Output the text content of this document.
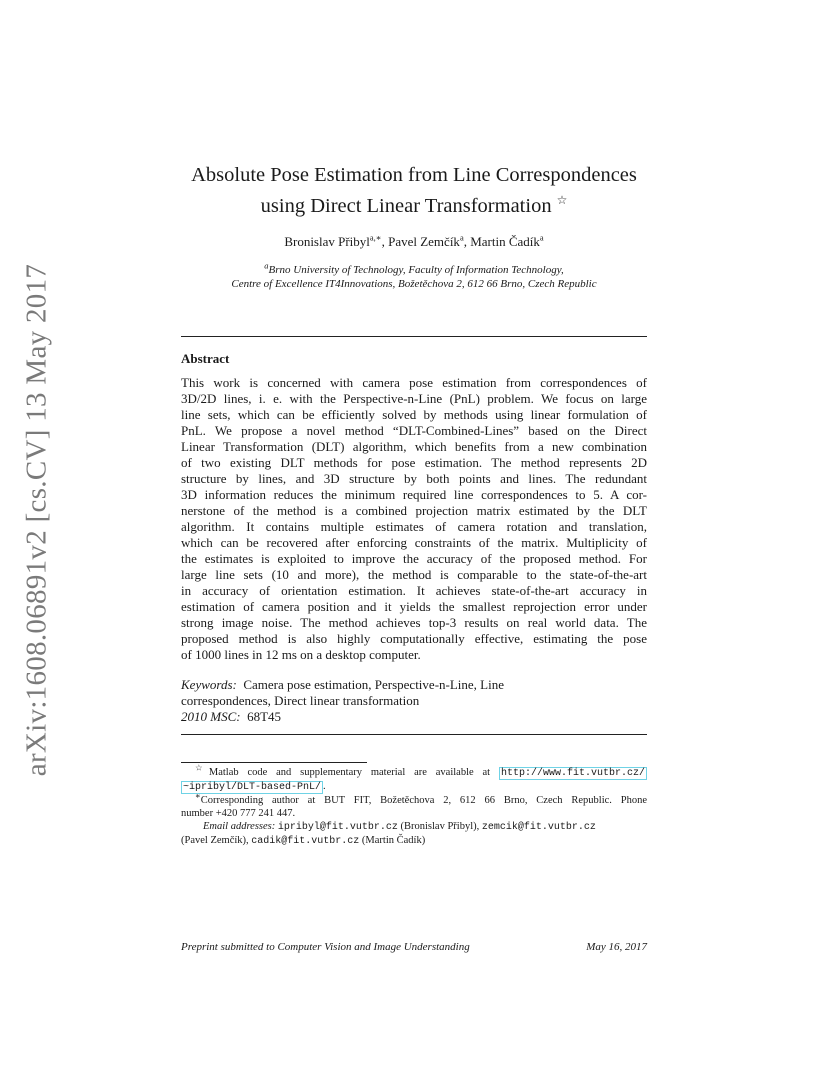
arXiv:1608.06891v2 [cs.CV] 13 May 2017
Absolute Pose Estimation from Line Correspondences
using Direct Linear Transformation ☆
Bronislav Přibyl$^{a,∗}$, Pavel Zemčík$^a$, Martin Čadík$^a$
$^a$Brno University of Technology, Faculty of Information Technology,
Centre of Excellence IT4Innovations, Božetěchova 2, 612 66 Brno, Czech Republic
Abstract
This work is concerned with camera pose estimation from correspondences of
3D/2D lines, i. e. with the Perspective-n-Line (PnL) problem. We focus on large
line sets, which can be efficiently solved by methods using linear formulation of
PnL. We propose a novel method “DLT-Combined-Lines” based on the Direct
Linear Transformation (DLT) algorithm, which benefits from a new combination
of two existing DLT methods for pose estimation. The method represents 2D
structure by lines, and 3D structure by both points and lines. The redundant
3D information reduces the minimum required line correspondences to 5. A cor-
nerstone of the method is a combined projection matrix estimated by the DLT
algorithm. It contains multiple estimates of camera rotation and translation,
which can be recovered after enforcing constraints of the matrix. Multiplicity of
the estimates is exploited to improve the accuracy of the proposed method. For
large line sets (10 and more), the method is comparable to the state-of-the-art
in accuracy of orientation estimation. It achieves state-of-the-art accuracy in
estimation of camera position and it yields the smallest reprojection error under
strong image noise. The method achieves top-3 results on real world data. The
proposed method is also highly computationally effective, estimating the pose
of 1000 lines in 12 ms on a desktop computer.
Keywords: Camera pose estimation, Perspective-n-Line, Line
correspondences, Direct linear transformation
2010 MSC: 68T45
☆Matlab code and supplementary material are available at http://www.fit.vutbr.cz/
~ipribyl/DLT-based-PnL/ .
∗Corresponding author at BUT FIT, Božetěchova 2, 612 66 Brno, Czech Republic. Phone
number +420 777 241 447.
Email addresses: ipribyl@fit.vutbr.cz (Bronislav Přibyl), zemcik@fit.vutbr.cz
(Pavel Zemčík), cadik@fit.vutbr.cz (Martin Čadík)
Preprint submitted to Computer Vision and Image Understanding	May 16, 2017
